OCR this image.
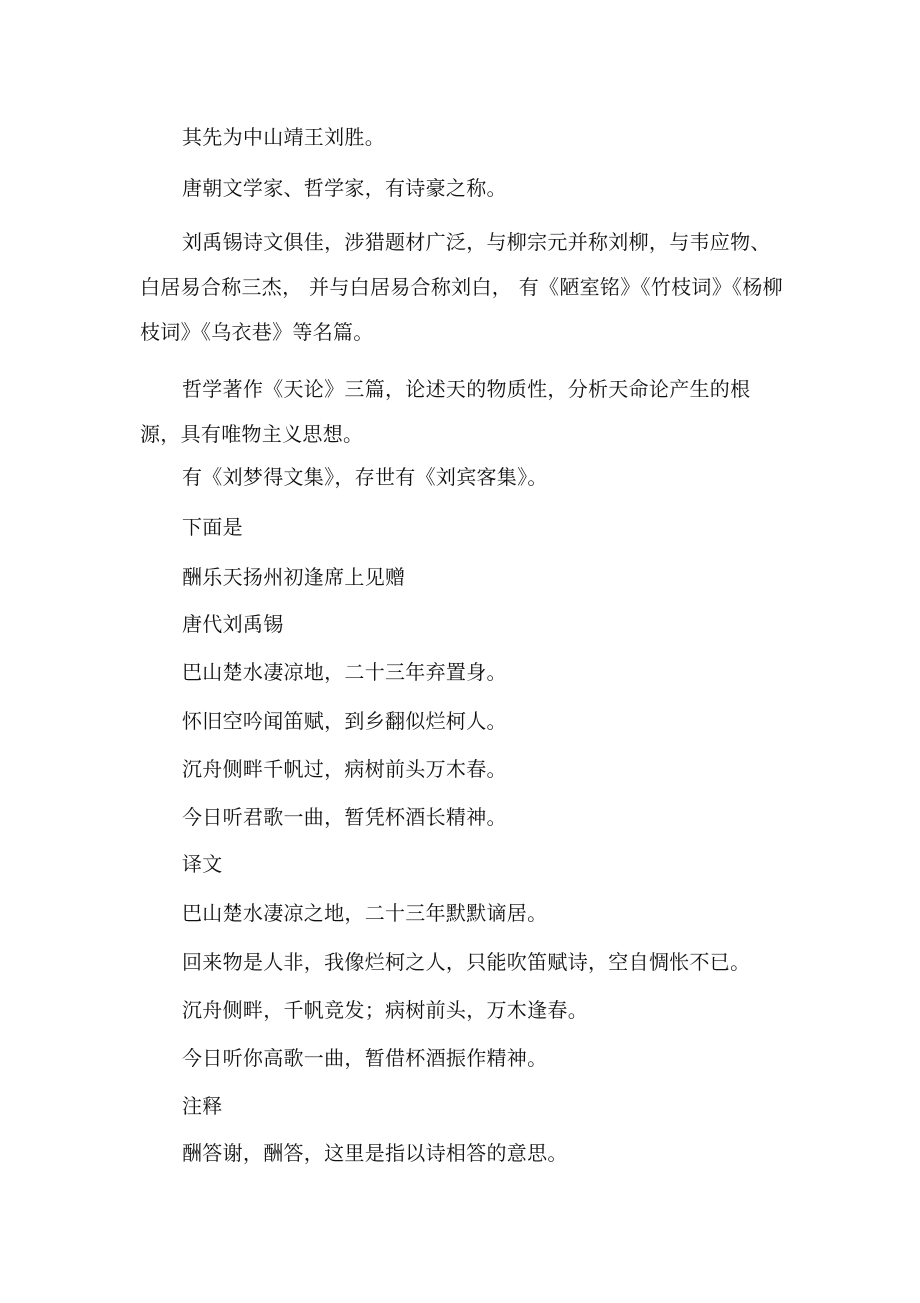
其先为中山靖王刘胜。

唐朝文学家、哲学家，有诗豪之称。

刘禹锡诗文俱佳，涉猎题材广泛，与柳宗元并称刘柳，与韦应物、白居易合称三杰， 并与白居易合称刘白， 有《陋室铭》《竹枝词》《杨柳枝词》《乌衣巷》等名篇。

哲学著作《天论》三篇，论述天的物质性，分析天命论产生的根源，具有唯物主义思想。

有《刘梦得文集》，存世有《刘宾客集》。

下面是

酬乐天扬州初逢席上见赠

唐代刘禹锡

巴山楚水凄凉地，二十三年弃置身。

怀旧空吟闻笛赋，到乡翻似烂柯人。

沉舟侧畔千帆过，病树前头万木春。

今日听君歌一曲，暂凭杯酒长精神。

译文

巴山楚水凄凉之地，二十三年默默谪居。

回来物是人非，我像烂柯之人，只能吹笛赋诗，空自惆怅不已。

沉舟侧畔，千帆竞发；病树前头，万木逢春。

今日听你高歌一曲，暂借杯酒振作精神。

注释

酬答谢，酬答，这里是指以诗相答的意思。
